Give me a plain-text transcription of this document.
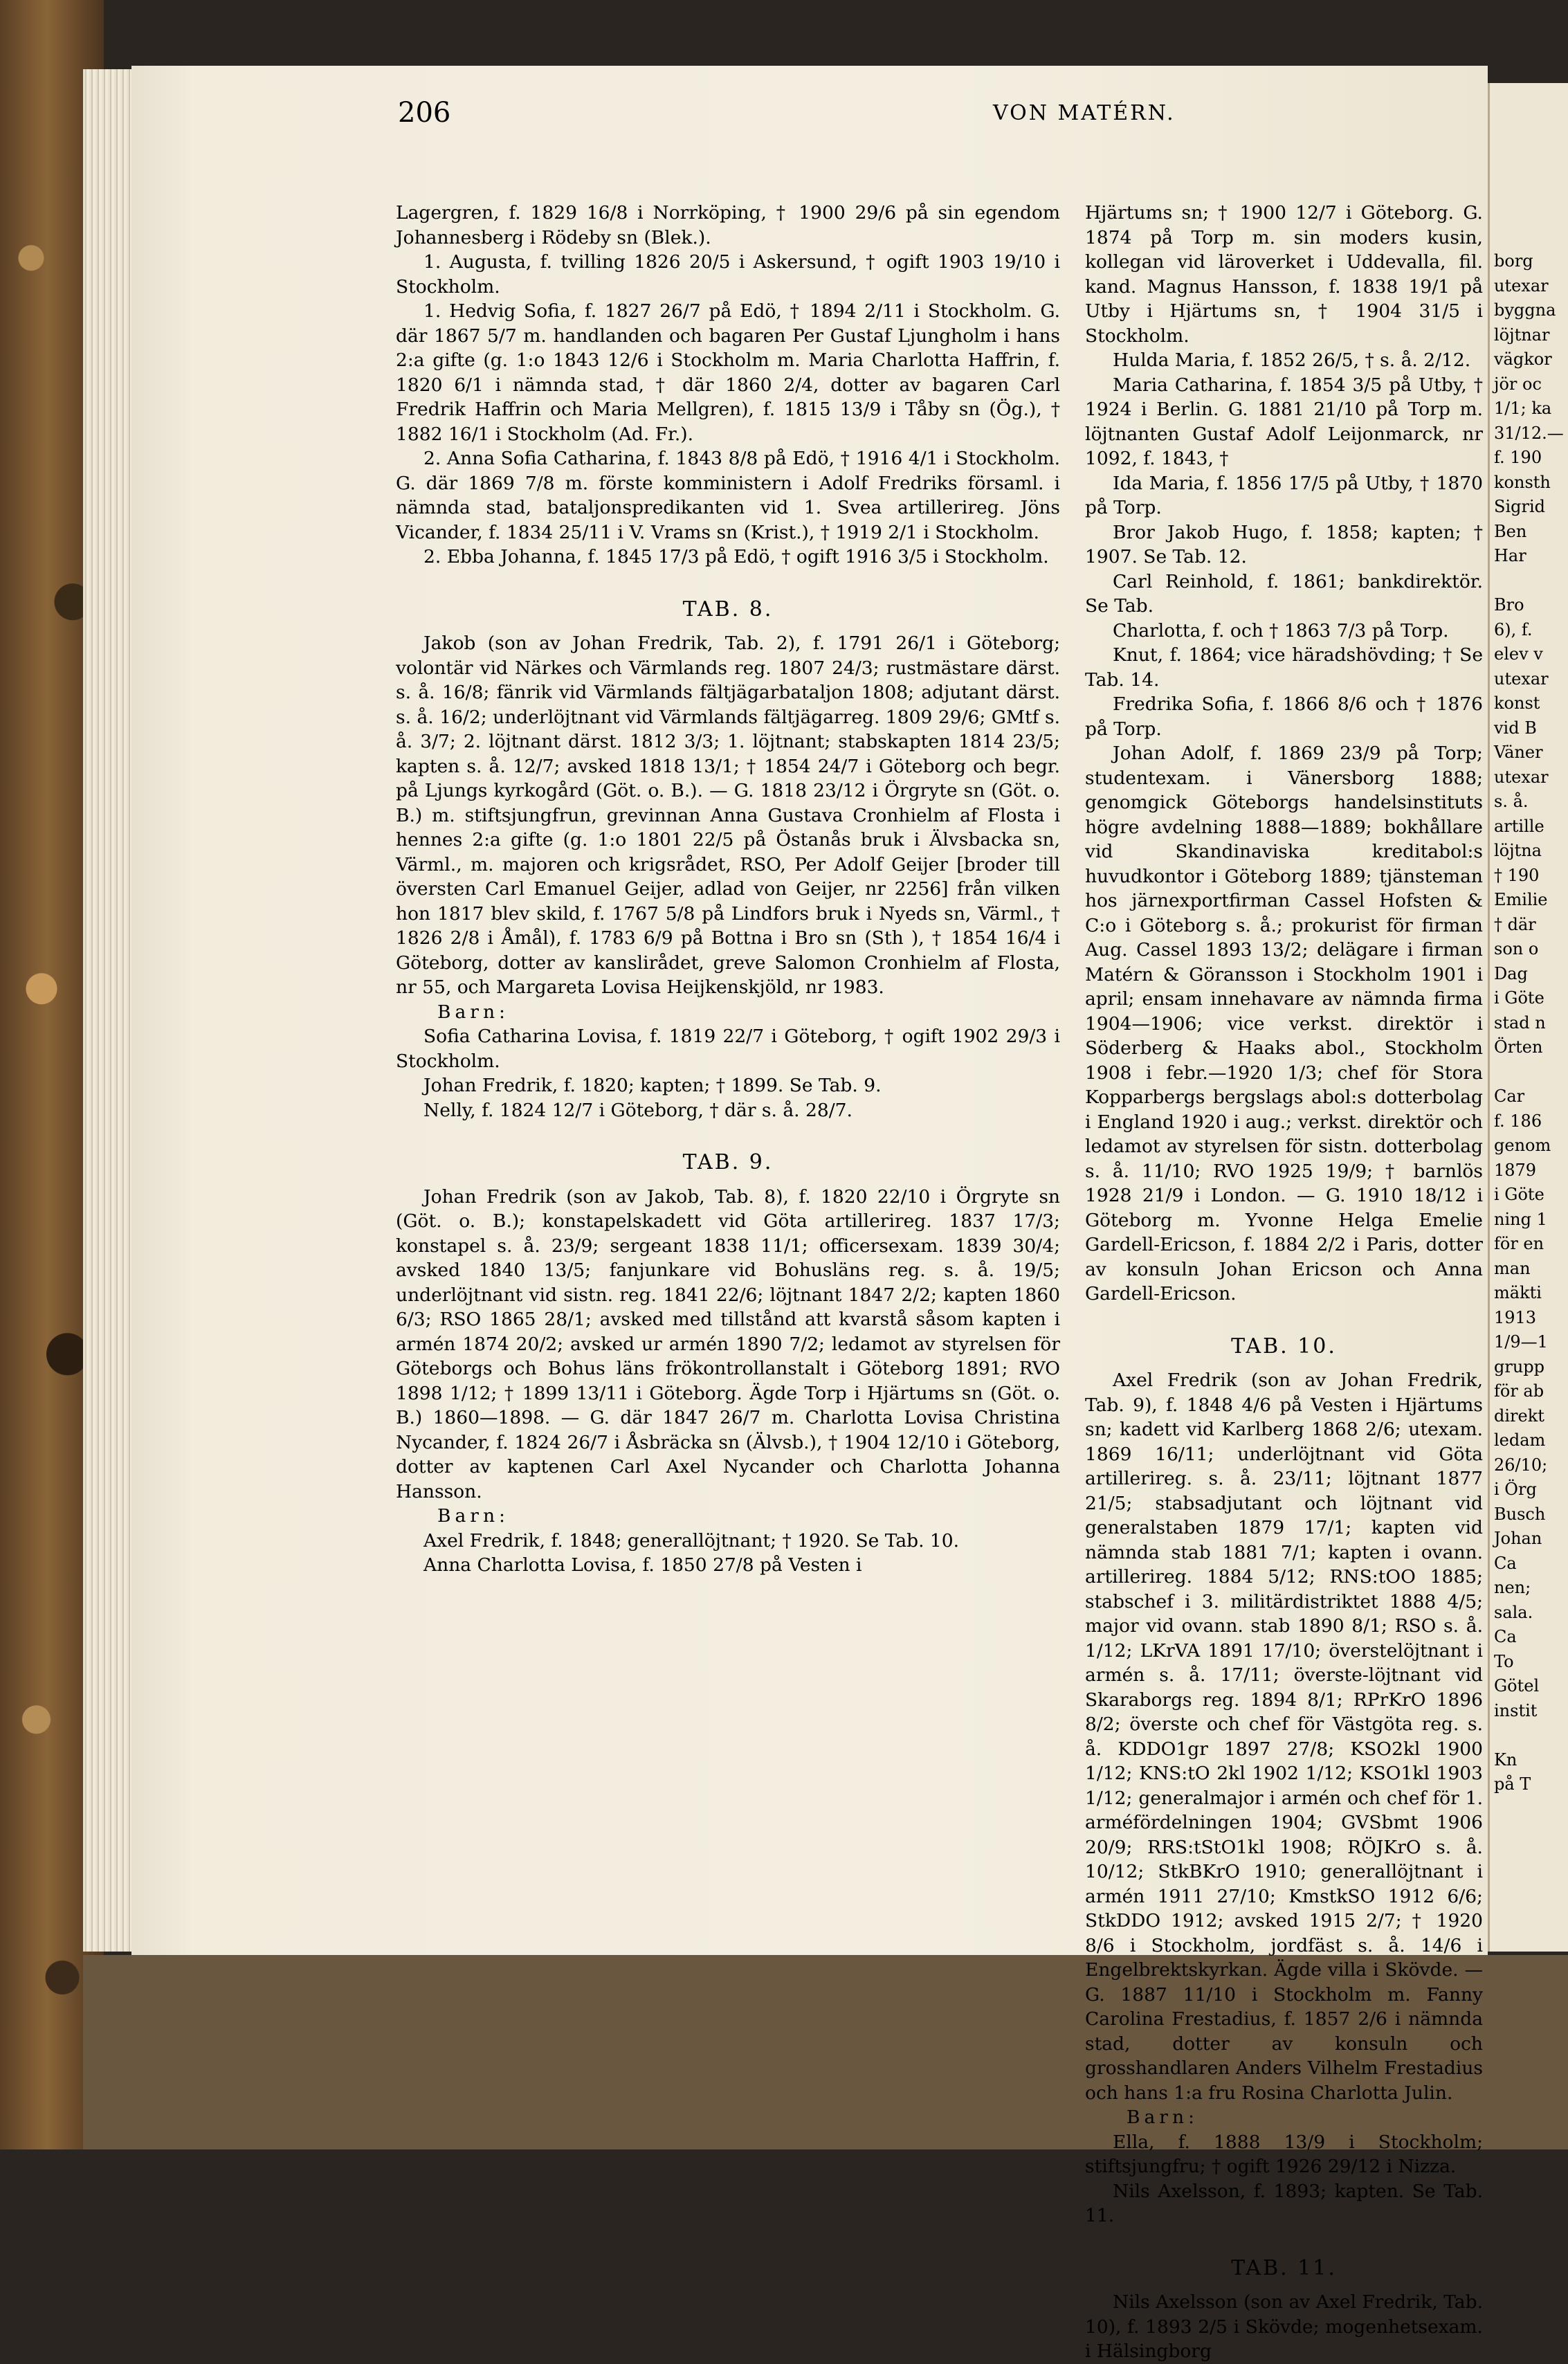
206	VON MATÉRN.

Lagergren, f. 1829 16/8 i Norrköping, † 1900 29/6 på sin egendom Johannesberg i Rödeby sn (Blek.).

1. Augusta, f. tvilling 1826 20/5 i Askersund, † ogift 1903 19/10 i Stockholm.

1. Hedvig Sofia, f. 1827 26/7 på Edö, † 1894 2/11 i Stockholm. G. där 1867 5/7 m. handlanden och bagaren Per Gustaf Ljungholm i hans 2:a gifte (g. 1:o 1843 12/6 i Stockholm m. Maria Charlotta Haffrin, f. 1820 6/1 i nämnda stad, † där 1860 2/4, dotter av bagaren Carl Fredrik Haffrin och Maria Mellgren), f. 1815 13/9 i Tåby sn (Ög.), † 1882 16/1 i Stockholm (Ad. Fr.).

2. Anna Sofia Catharina, f. 1843 8/8 på Edö, † 1916 4/1 i Stockholm. G. där 1869 7/8 m. förste komministern i Adolf Fredriks församl. i nämnda stad, bataljonspredikanten vid 1. Svea artillerireg. Jöns Vicander, f. 1834 25/11 i V. Vrams sn (Krist.), † 1919 2/1 i Stockholm.

2. Ebba Johanna, f. 1845 17/3 på Edö, † ogift 1916 3/5 i Stockholm.

TAB. 8.

Jakob (son av Johan Fredrik, Tab. 2), f. 1791 26/1 i Göteborg; volontär vid Närkes och Värmlands reg. 1807 24/3; rustmästare därst. s. å. 16/8; fänrik vid Värmlands fältjägarbataljon 1808; adjutant därst. s. å. 16/2; underlöjtnant vid Värmlands fältjägarreg. 1809 29/6; GMtf s. å. 3/7; 2. löjtnant därst. 1812 3/3; 1. löjtnant; stabskapten 1814 23/5; kapten s. å. 12/7; avsked 1818 13/1; † 1854 24/7 i Göteborg och begr. på Ljungs kyrkogård (Göt. o. B.). — G. 1818 23/12 i Örgryte sn (Göt. o. B.) m. stiftsjungfrun, grevinnan Anna Gustava Cronhielm af Flosta i hennes 2:a gifte (g. 1:o 1801 22/5 på Östanås bruk i Älvsbacka sn, Värml., m. majoren och krigsrådet, RSO, Per Adolf Geijer [broder till översten Carl Emanuel Geijer, adlad von Geijer, nr 2256] från vilken hon 1817 blev skild, f. 1767 5/8 på Lindfors bruk i Nyeds sn, Värml., † 1826 2/8 i Åmål), f. 1783 6/9 på Bottna i Bro sn (Sth ), † 1854 16/4 i Göteborg, dotter av kanslirådet, greve Salomon Cronhielm af Flosta, nr 55, och Margareta Lovisa Heijkenskjöld, nr 1983.

Barn:

Sofia Catharina Lovisa, f. 1819 22/7 i Göteborg, † ogift 1902 29/3 i Stockholm.

Johan Fredrik, f. 1820; kapten; † 1899. Se Tab. 9.

Nelly, f. 1824 12/7 i Göteborg, † där s. å. 28/7.

TAB. 9.

Johan Fredrik (son av Jakob, Tab. 8), f. 1820 22/10 i Örgryte sn (Göt. o. B.); konstapelskadett vid Göta artillerireg. 1837 17/3; konstapel s. å. 23/9; sergeant 1838 11/1; officersexam. 1839 30/4; avsked 1840 13/5; fanjunkare vid Bohusläns reg. s. å. 19/5; underlöjtnant vid sistn. reg. 1841 22/6; löjtnant 1847 2/2; kapten 1860 6/3; RSO 1865 28/1; avsked med tillstånd att kvarstå såsom kapten i armén 1874 20/2; avsked ur armén 1890 7/2; ledamot av styrelsen för Göteborgs och Bohus läns frökontrollanstalt i Göteborg 1891; RVO 1898 1/12; † 1899 13/11 i Göteborg. Ägde Torp i Hjärtums sn (Göt. o. B.) 1860—1898. — G. där 1847 26/7 m. Charlotta Lovisa Christina Nycander, f. 1824 26/7 i Åsbräcka sn (Älvsb.), † 1904 12/10 i Göteborg, dotter av kaptenen Carl Axel Nycander och Charlotta Johanna Hansson.

Barn:

Axel Fredrik, f. 1848; generallöjtnant; † 1920. Se Tab. 10.

Anna Charlotta Lovisa, f. 1850 27/8 på Vesten i

Hjärtums sn; † 1900 12/7 i Göteborg. G. 1874 på Torp m. sin moders kusin, kollegan vid läroverket i Uddevalla, fil. kand. Magnus Hansson, f. 1838 19/1 på Utby i Hjärtums sn, † 1904 31/5 i Stockholm.

Hulda Maria, f. 1852 26/5, † s. å. 2/12.

Maria Catharina, f. 1854 3/5 på Utby, † 1924 i Berlin. G. 1881 21/10 på Torp m. löjtnanten Gustaf Adolf Leijonmarck, nr 1092, f. 1843, †

Ida Maria, f. 1856 17/5 på Utby, † 1870 på Torp.

Bror Jakob Hugo, f. 1858; kapten; † 1907. Se Tab. 12.

Carl Reinhold, f. 1861; bankdirektör. Se Tab.

Charlotta, f. och † 1863 7/3 på Torp.

Knut, f. 1864; vice häradshövding; † Se Tab. 14.

Fredrika Sofia, f. 1866 8/6 och † 1876 på Torp.

Johan Adolf, f. 1869 23/9 på Torp; studentexam. i Vänersborg 1888; genomgick Göteborgs handelsinstituts högre avdelning 1888—1889; bokhållare vid Skandinaviska kreditabol:s huvudkontor i Göteborg 1889; tjänsteman hos järnexportfirman Cassel Hofsten & C:o i Göteborg s. å.; prokurist för firman Aug. Cassel 1893 13/2; delägare i firman Matérn & Göransson i Stockholm 1901 i april; ensam innehavare av nämnda firma 1904—1906; vice verkst. direktör i Söderberg & Haaks abol., Stockholm 1908 i febr.—1920 1/3; chef för Stora Kopparbergs bergslags abol:s dotterbolag i England 1920 i aug.; verkst. direktör och ledamot av styrelsen för sistn. dotterbolag s. å. 11/10; RVO 1925 19/9; † barnlös 1928 21/9 i London. — G. 1910 18/12 i Göteborg m. Yvonne Helga Emelie Gardell-Ericson, f. 1884 2/2 i Paris, dotter av konsuln Johan Ericson och Anna Gardell-Ericson.

TAB. 10.

Axel Fredrik (son av Johan Fredrik, Tab. 9), f. 1848 4/6 på Vesten i Hjärtums sn; kadett vid Karlberg 1868 2/6; utexam. 1869 16/11; underlöjtnant vid Göta artillerireg. s. å. 23/11; löjtnant 1877 21/5; stabsadjutant och löjtnant vid generalstaben 1879 17/1; kapten vid nämnda stab 1881 7/1; kapten i ovann. artillerireg. 1884 5/12; RNS:tOO 1885; stabschef i 3. militärdistriktet 1888 4/5; major vid ovann. stab 1890 8/1; RSO s. å. 1/12; LKrVA 1891 17/10; överstelöjtnant i armén s. å. 17/11; överste-löjtnant vid Skaraborgs reg. 1894 8/1; RPrKrO 1896 8/2; överste och chef för Västgöta reg. s. å. KDDO1gr 1897 27/8; KSO2kl 1900 1/12; KNS:tO 2kl 1902 1/12; KSO1kl 1903 1/12; generalmajor i armén och chef för 1. arméfördelningen 1904; GVSbmt 1906 20/9; RRS:tStO1kl 1908; RÖJKrO s. å. 10/12; StkBKrO 1910; generallöjtnant i armén 1911 27/10; KmstkSO 1912 6/6; StkDDO 1912; avsked 1915 2/7; † 1920 8/6 i Stockholm, jordfäst s. å. 14/6 i Engelbrektskyrkan. Ägde villa i Skövde. — G. 1887 11/10 i Stockholm m. Fanny Carolina Frestadius, f. 1857 2/6 i nämnda stad, dotter av konsuln och grosshandlaren Anders Vilhelm Frestadius och hans 1:a fru Rosina Charlotta Julin.

Barn:

Ella, f. 1888 13/9 i Stockholm; stiftsjungfru; † ogift 1926 29/12 i Nizza.

Nils Axelsson, f. 1893; kapten. Se Tab. 11.

TAB. 11.

Nils Axelsson (son av Axel Fredrik, Tab. 10), f. 1893 2/5 i Skövde; mogenhetsexam. i Hälsingborg

borg
utexar
byggna
löjtnar
vägkor
jör oc
1/1; ka
31/12.—
f. 190
konsth
Sigrid
Ben
Har
Bro
6), f.
elev v
utexar
konst
vid B
Väner
utexar
s. å.
artille
löjtna
† 190
Emilie
† där
son o
Dag
i Göte
stad n
Örten
Car
f. 186
genom
1879
i Göte
ning 1
för en
man
mäkti
1913
1/9—1
grupp
för ab
direkt
ledam
26/10;
i Örg
Busch
Johan
Ca
nen;
sala.
Ca
To
Götel
instit
Kn
på T
